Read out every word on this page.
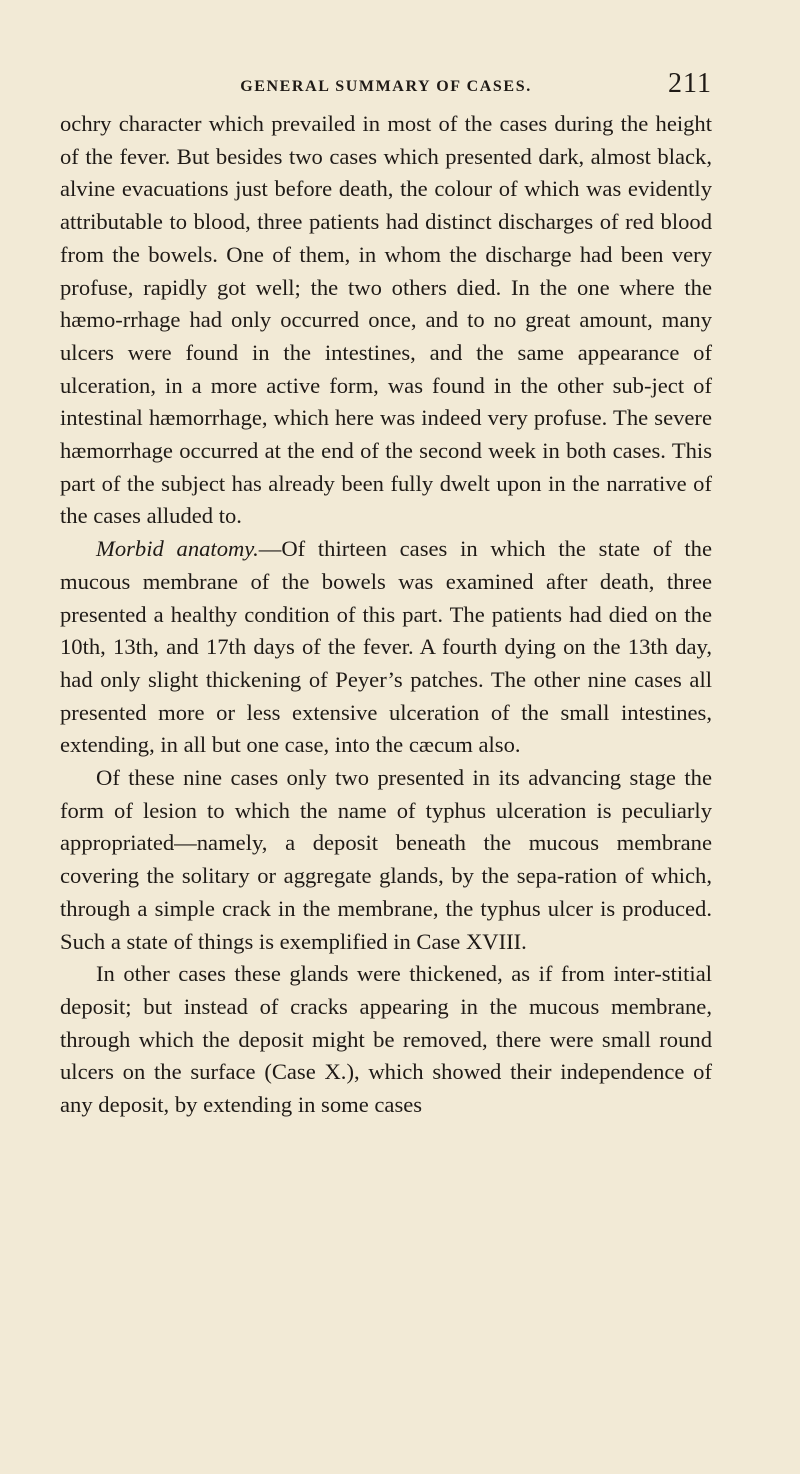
GENERAL SUMMARY OF CASES.	211

ochry character which prevailed in most of the cases during the height of the fever. But besides two cases which presented dark, almost black, alvine evacuations just before death, the colour of which was evidently attributable to blood, three patients had distinct discharges of red blood from the bowels. One of them, in whom the discharge had been very profuse, rapidly got well; the two others died. In the one where the hæmo-rrhage had only occurred once, and to no great amount, many ulcers were found in the intestines, and the same appearance of ulceration, in a more active form, was found in the other sub-ject of intestinal hæmorrhage, which here was indeed very profuse. The severe hæmorrhage occurred at the end of the second week in both cases. This part of the subject has already been fully dwelt upon in the narrative of the cases alluded to.

Morbid anatomy.—Of thirteen cases in which the state of the mucous membrane of the bowels was examined after death, three presented a healthy condition of this part. The patients had died on the 10th, 13th, and 17th days of the fever. A fourth dying on the 13th day, had only slight thickening of Peyer’s patches. The other nine cases all presented more or less extensive ulceration of the small intestines, extending, in all but one case, into the cæcum also.

Of these nine cases only two presented in its advancing stage the form of lesion to which the name of typhus ulceration is peculiarly appropriated—namely, a deposit beneath the mucous membrane covering the solitary or aggregate glands, by the sepa-ration of which, through a simple crack in the membrane, the typhus ulcer is produced. Such a state of things is exemplified in Case XVIII.

In other cases these glands were thickened, as if from inter-stitial deposit; but instead of cracks appearing in the mucous membrane, through which the deposit might be removed, there were small round ulcers on the surface (Case X.), which showed their independence of any deposit, by extending in some cases
